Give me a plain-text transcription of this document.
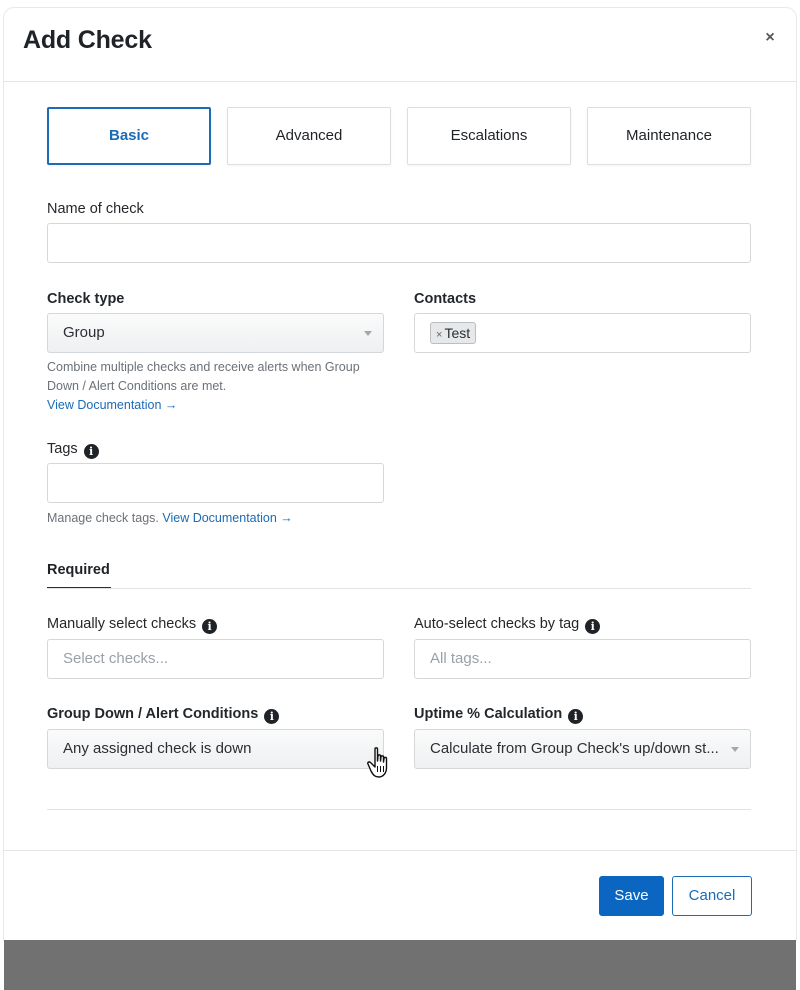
Add Check	×
Basic	Advanced	Escalations	Maintenance
Name of check
Check type
Group
Combine multiple checks and receive alerts when Group Down / Alert Conditions are met.
View Documentation →
Contacts
× Test
Tags i
Manage check tags. View Documentation →
Required
Manually select checks i
Select checks...
Auto-select checks by tag i
All tags...
Group Down / Alert Conditions i
Any assigned check is down
Uptime % Calculation i
Calculate from Group Check's up/down st...
Save	Cancel
